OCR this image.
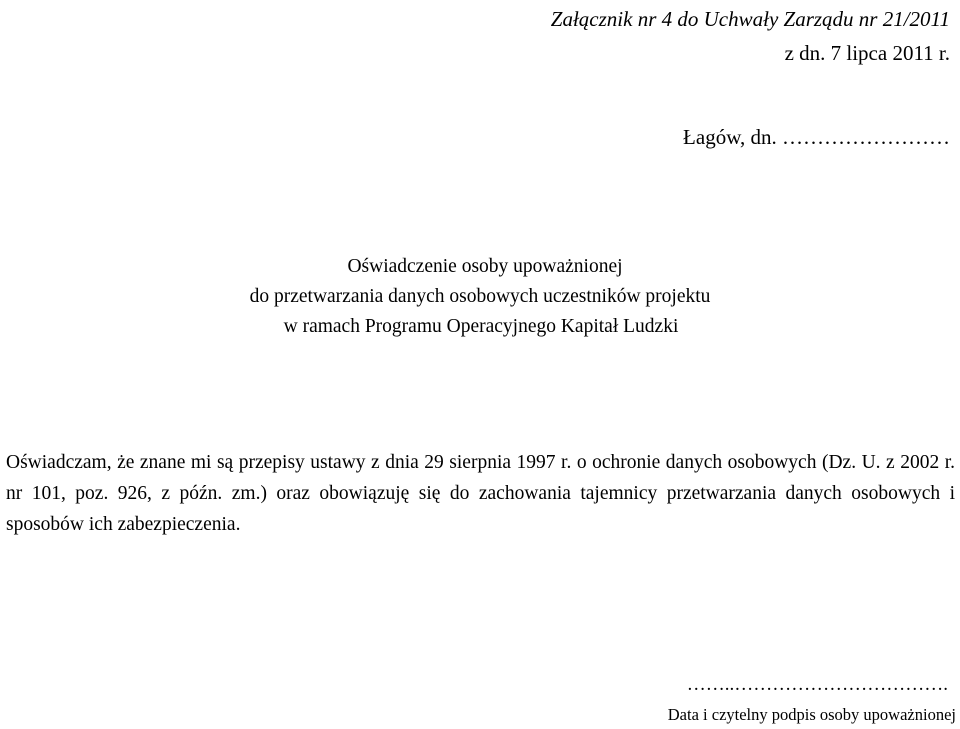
Załącznik nr 4 do Uchwały Zarządu nr 21/2011
z dn. 7 lipca 2011 r.
Łagów, dn. ……………………
Oświadczenie osoby upoważnionej
do przetwarzania danych osobowych uczestników projektu
w ramach Programu Operacyjnego Kapitał Ludzki
Oświadczam, że znane mi są przepisy ustawy z dnia 29 sierpnia 1997 r. o ochronie danych osobowych (Dz. U. z 2002 r. nr 101, poz. 926, z późn. zm.) oraz obowiązuję się do zachowania tajemnicy przetwarzania danych osobowych i sposobów ich zabezpieczenia.
……..…………………………….
Data i czytelny podpis osoby upoważnionej
